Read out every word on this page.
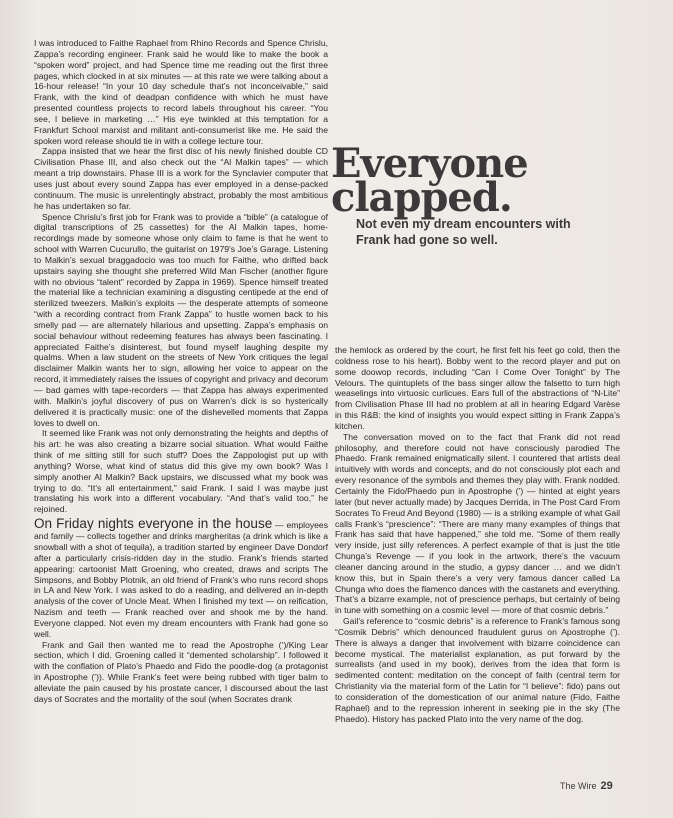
I was introduced to Faithe Raphael from Rhino Records and Spence Chrislu, Zappa’s recording engineer. Frank said he would like to make the book a “spoken word” project, and had Spence time me reading out the first three pages, which clocked in at six minutes — at this rate we were talking about a 16-hour release! “In your 10 day schedule that’s not inconceivable,” said Frank, with the kind of deadpan confidence with which he must have presented countless projects to record labels throughout his career. “You see, I believe in marketing …” His eye twinkled at this temptation for a Frankfurt School marxist and militant anti-consumerist like me. He said the spoken word release should tie in with a college lecture tour.

Zappa insisted that we hear the first disc of his newly finished double CD Civilisation Phase III, and also check out the “Al Malkin tapes” — which meant a trip downstairs. Phase III is a work for the Synclavier computer that uses just about every sound Zappa has ever employed in a dense-packed continuum. The music is unrelentingly abstract, probably the most ambitious he has undertaken so far.

Spence Chrislu’s first job for Frank was to provide a “bible” (a catalogue of digital transcriptions of 25 cassettes) for the Al Malkin tapes, home-recordings made by someone whose only claim to fame is that he went to school with Warren Cucurullo, the guitarist on 1979’s Joe’s Garage. Listening to Malkin’s sexual braggadocio was too much for Faithe, who drifted back upstairs saying she thought she preferred Wild Man Fischer (another figure with no obvious “talent” recorded by Zappa in 1969). Spence himself treated the material like a technician examining a disgusting centipede at the end of sterilized tweezers. Malkin’s exploits — the desperate attempts of someone “with a recording contract from Frank Zappa” to hustle women back to his smelly pad — are alternately hilarious and upsetting. Zappa’s emphasis on social behaviour without redeeming features has always been fascinating. I appreciated Faithe’s disinterest, but found myself laughing despite my qualms. When a law student on the streets of New York critiques the legal disclaimer Malkin wants her to sign, allowing her voice to appear on the record, it immediately raises the issues of copyright and privacy and decorum — bad games with tape-recorders — that Zappa has always experimented with. Malkin’s joyful discovery of pus on Warren’s dick is so hysterically delivered it is practically music: one of the dishevelled moments that Zappa loves to dwell on.

It seemed like Frank was not only demonstrating the heights and depths of his art: he was also creating a bizarre social situation. What would Faithe think of me sitting still for such stuff? Does the Zappologist put up with anything? Worse, what kind of status did this give my own book? Was I simply another Al Malkin? Back upstairs, we discussed what my book was trying to do. “It’s all entertainment,” said Frank. I said I was maybe just translating his work into a different vocabulary. “And that’s valid too,” he rejoined.

On Friday nights everyone in the house — employees and family — collects together and drinks margheritas (a drink which is like a snowball with a shot of tequila), a tradition started by engineer Dave Dondorf after a particularly crisis-ridden day in the studio. Frank’s friends started appearing: cartoonist Matt Groening, who created, draws and scripts The Simpsons, and Bobby Plotnik, an old friend of Frank’s who runs record shops in LA and New York. I was asked to do a reading, and delivered an in-depth analysis of the cover of Uncle Meat. When I finished my text — on reification, Nazism and teeth — Frank reached over and shook me by the hand. Everyone clapped. Not even my dream encounters with Frank had gone so well.

Frank and Gail then wanted me to read the Apostrophe (’)/King Lear section, which I did. Groening called it “demented scholarship”. I followed it with the conflation of Plato’s Phaedo and Fido the poodle-dog (a protagonist in Apostrophe (’)). While Frank’s feet were being rubbed with tiger balm to alleviate the pain caused by his prostate cancer, I discoursed about the last days of Socrates and the mortality of the soul (when Socrates drank

Everyone
clapped.
Not even my dream encounters with Frank had gone so well.

the hemlock as ordered by the court, he first felt his feet go cold, then the coldness rose to his heart). Bobby went to the record player and put on some doowop records, including “Can I Come Over Tonight” by The Velours. The quintuplets of the bass singer allow the falsetto to turn high weaselings into virtuosic curlicues. Ears full of the abstractions of “N-Lite” from Civilisation Phase III had no problem at all in hearing Edgard Varèse in this R&B: the kind of insights you would expect sitting in Frank Zappa’s kitchen.

The conversation moved on to the fact that Frank did not read philosophy, and therefore could not have consciously parodied The Phaedo. Frank remained enigmatically silent. I countered that artists deal intuitively with words and concepts, and do not consciously plot each and every resonance of the symbols and themes they play with. Frank nodded. Certainly the Fido/Phaedo pun in Apostrophe (’) — hinted at eight years later (but never actually made) by Jacques Derrida, in The Post Card From Socrates To Freud And Beyond (1980) — is a striking example of what Gail calls Frank’s “prescience”: “There are many many examples of things that Frank has said that have happened,” she told me. “Some of them really very inside, just silly references. A perfect example of that is just the title Chunga’s Revenge — if you look in the artwork, there’s the vacuum cleaner dancing around in the studio, a gypsy dancer … and we didn’t know this, but in Spain there’s a very very famous dancer called La Chunga who does the flamenco dances with the castanets and everything. That’s a bizarre example, not of prescience perhaps, but certainly of being in tune with something on a cosmic level — more of that cosmic debris.”

Gail’s reference to “cosmic debris” is a reference to Frank’s famous song “Cosmik Debris” which denounced fraudulent gurus on Apostrophe (’). There is always a danger that involvement with bizarre coincidence can become mystical. The materialist explanation, as put forward by the surrealists (and used in my book), derives from the idea that form is sedimented content: meditation on the concept of faith (central term for Christianity via the material form of the Latin for “I believe”: fido) pans out to consideration of the domestication of our animal nature (Fido, Faithe Raphael) and to the repression inherent in seeking pie in the sky (The Phaedo). History has packed Plato into the very name of the dog.

The Wire 29
